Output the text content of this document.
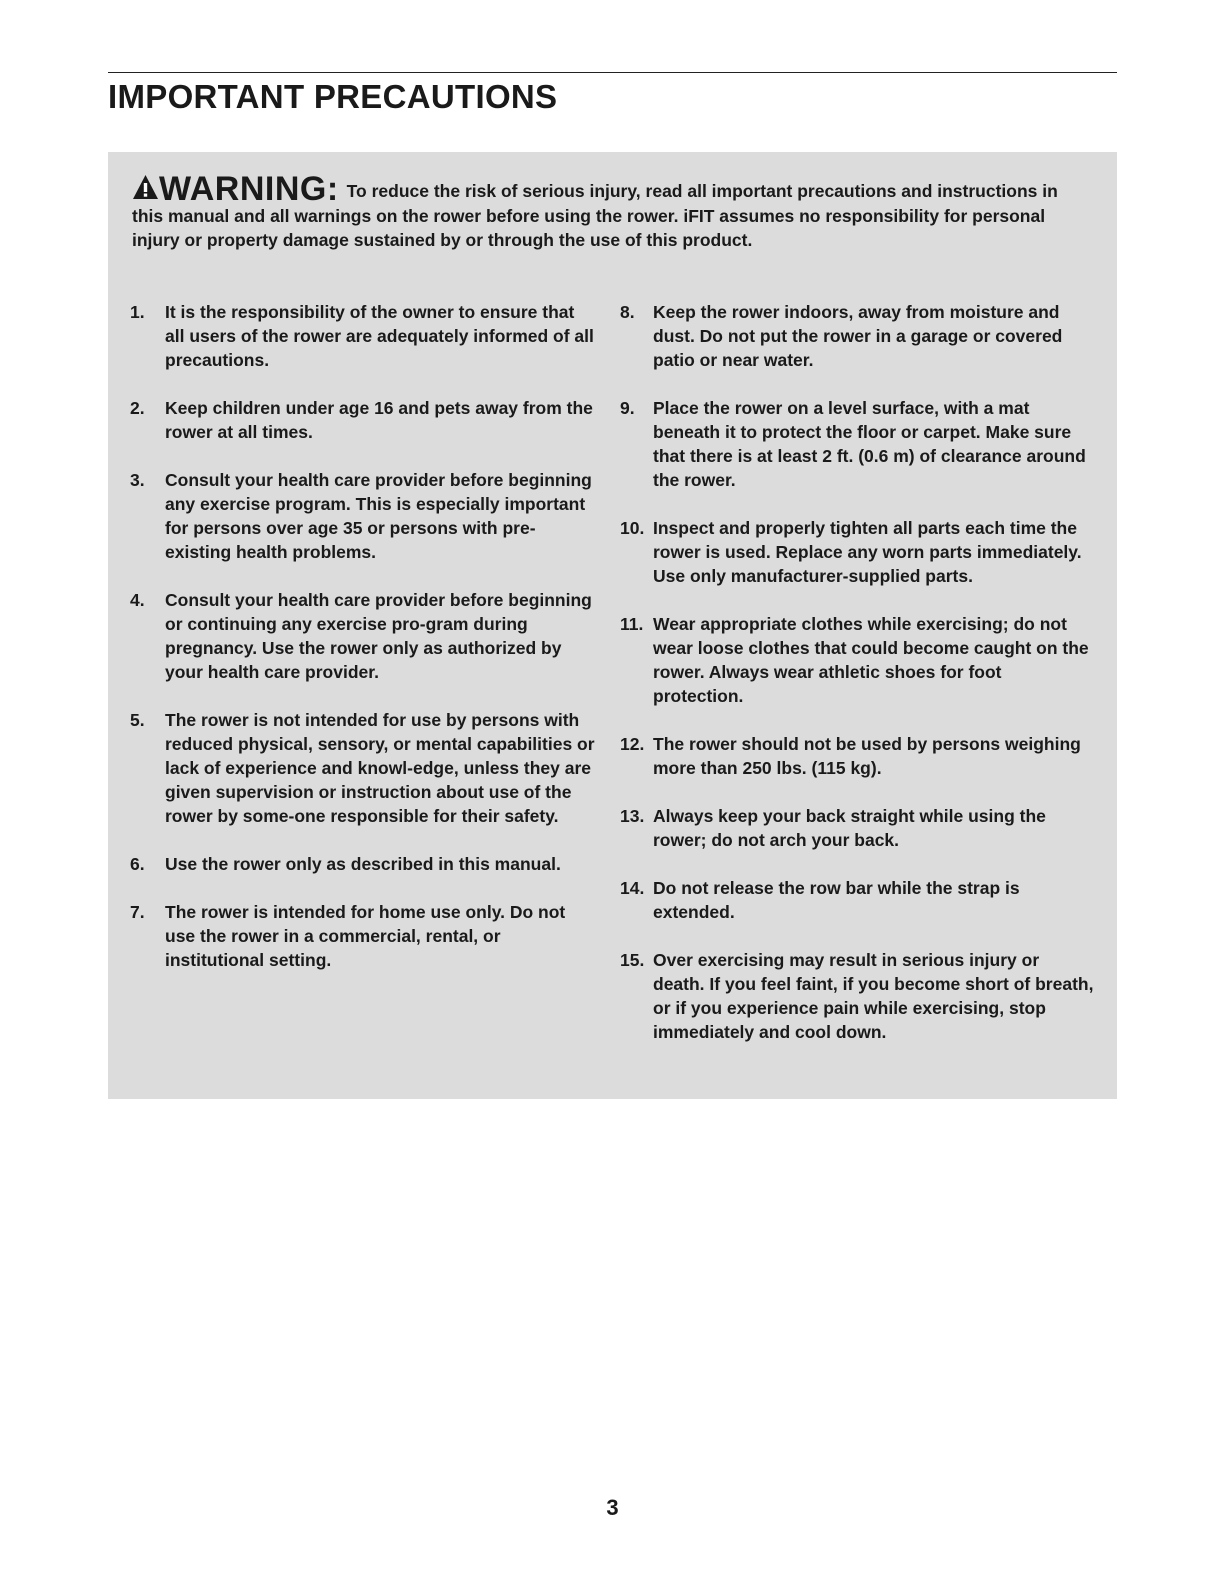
IMPORTANT PRECAUTIONS
WARNING: To reduce the risk of serious injury, read all important precautions and instructions in this manual and all warnings on the rower before using the rower. iFIT assumes no responsibility for personal injury or property damage sustained by or through the use of this product.
1.	It is the responsibility of the owner to ensure that all users of the rower are adequately informed of all precautions.
2.	Keep children under age 16 and pets away from the rower at all times.
3.	Consult your health care provider before beginning any exercise program. This is especially important for persons over age 35 or persons with pre-existing health problems.
4.	Consult your health care provider before beginning or continuing any exercise pro-gram during pregnancy. Use the rower only as authorized by your health care provider.
5.	The rower is not intended for use by persons with reduced physical, sensory, or mental capabilities or lack of experience and knowl-edge, unless they are given supervision or instruction about use of the rower by some-one responsible for their safety.
6.	Use the rower only as described in this manual.
7.	The rower is intended for home use only. Do not use the rower in a commercial, rental, or institutional setting.
8.	Keep the rower indoors, away from moisture and dust. Do not put the rower in a garage or covered patio or near water.
9.	Place the rower on a level surface, with a mat beneath it to protect the floor or carpet. Make sure that there is at least 2 ft. (0.6 m) of clearance around the rower.
10. Inspect and properly tighten all parts each time the rower is used. Replace any worn parts immediately. Use only manufacturer-supplied parts.
11. Wear appropriate clothes while exercising; do not wear loose clothes that could become caught on the rower. Always wear athletic shoes for foot protection.
12. The rower should not be used by persons weighing more than 250 lbs. (115 kg).
13. Always keep your back straight while using the rower; do not arch your back.
14. Do not release the row bar while the strap is extended.
15. Over exercising may result in serious injury or death. If you feel faint, if you become short of breath, or if you experience pain while exercising, stop immediately and cool down.
3
